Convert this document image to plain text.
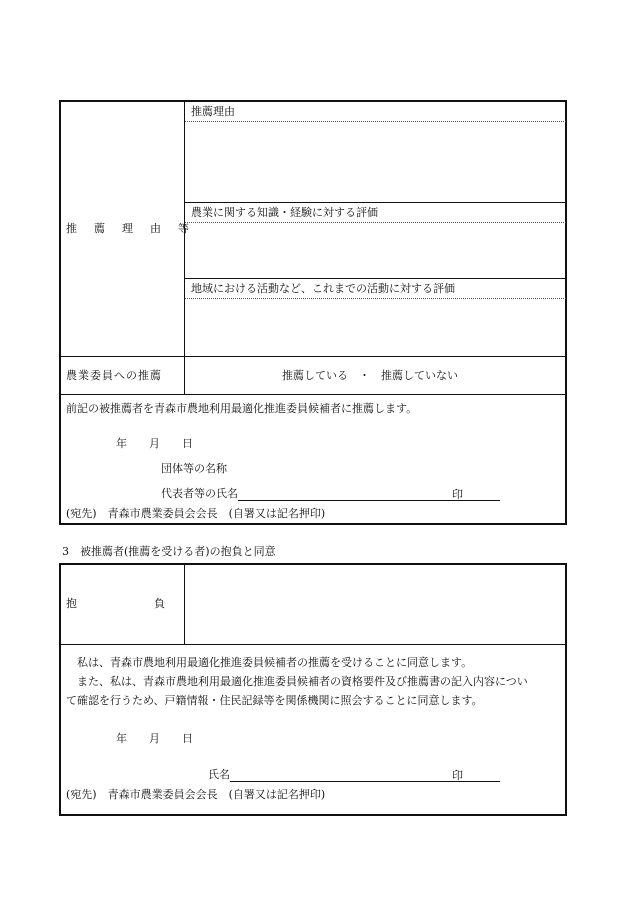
推　薦　理　由　等
推薦理由
農業に関する知識・経験に対する評価
地域における活動など、これまでの活動に対する評価
農業委員への推薦	推薦している　・　推薦していない
前記の被推薦者を青森市農地利用最適化推進委員候補者に推薦します。
年　　月　　日
団体等の名称
代表者等の氏名	印
(宛先)　青森市農業委員会会長　(自署又は記名押印)
3　被推薦者(推薦を受ける者)の抱負と同意
抱　　　　　　　負
私は、青森市農地利用最適化推進委員候補者の推薦を受けることに同意します。
また、私は、青森市農地利用最適化推進委員候補者の資格要件及び推薦書の記入内容につい
て確認を行うため、戸籍情報・住民記録等を関係機関に照会することに同意します。
年　　月　　日
氏名	印
(宛先)　青森市農業委員会会長　(自署又は記名押印)
